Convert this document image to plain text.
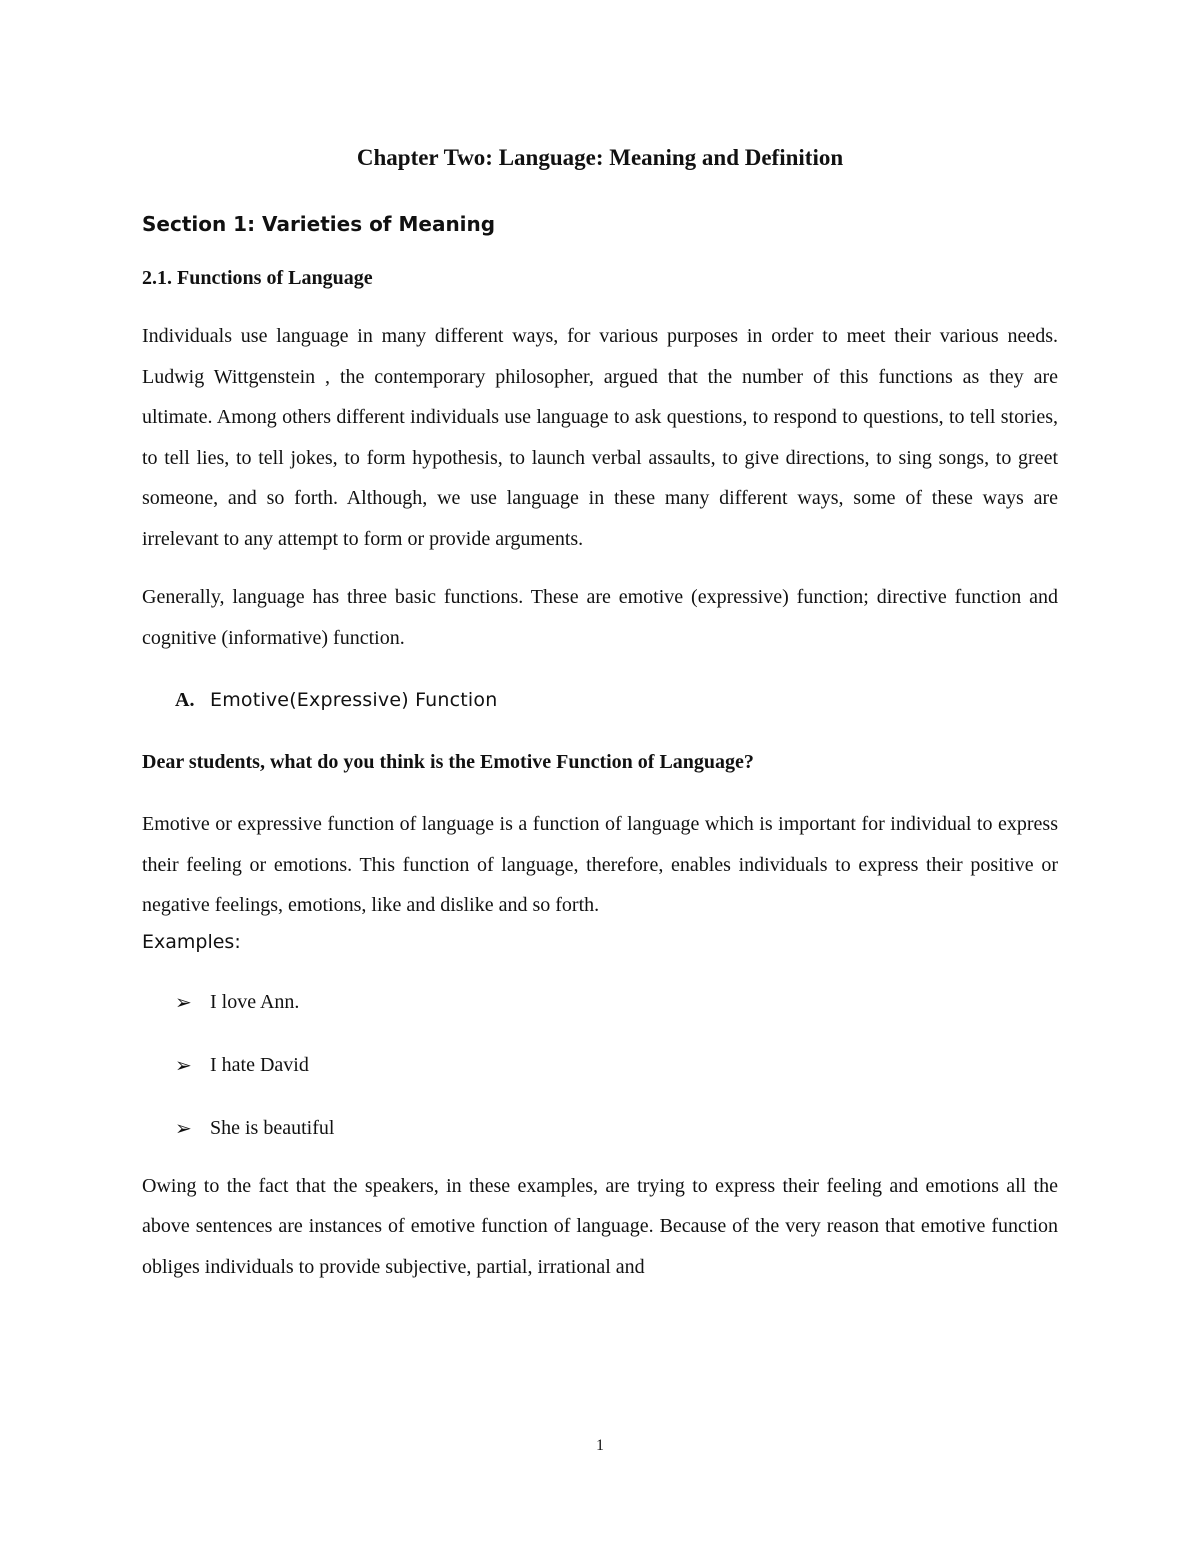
Chapter Two: Language: Meaning and Definition
Section 1: Varieties of Meaning
2.1. Functions of Language

Individuals use language in many different ways, for various purposes in order to meet their various needs. Ludwig Wittgenstein , the contemporary philosopher, argued that the number of this functions as they are ultimate. Among others different individuals use language to ask questions, to respond to questions, to tell stories, to tell lies, to tell jokes, to form hypothesis, to launch verbal assaults, to give directions, to sing songs, to greet someone, and so forth. Although, we use language in these many different ways, some of these ways are irrelevant to any attempt to form or provide arguments.

Generally, language has three basic functions. These are emotive (expressive) function; directive function and cognitive (informative) function.

A. Emotive(Expressive) Function

Dear students, what do you think is the Emotive Function of Language?

Emotive or expressive function of language is a function of language which is important for individual to express their feeling or emotions. This function of language, therefore, enables individuals to express their positive or negative feelings, emotions, like and dislike and so forth.

Examples:

➢ I love Ann.
➢ I hate David
➢ She is beautiful

Owing to the fact that the speakers, in these examples, are trying to express their feeling and emotions all the above sentences are instances of emotive function of language. Because of the very reason that emotive function obliges individuals to provide subjective, partial, irrational and

1
